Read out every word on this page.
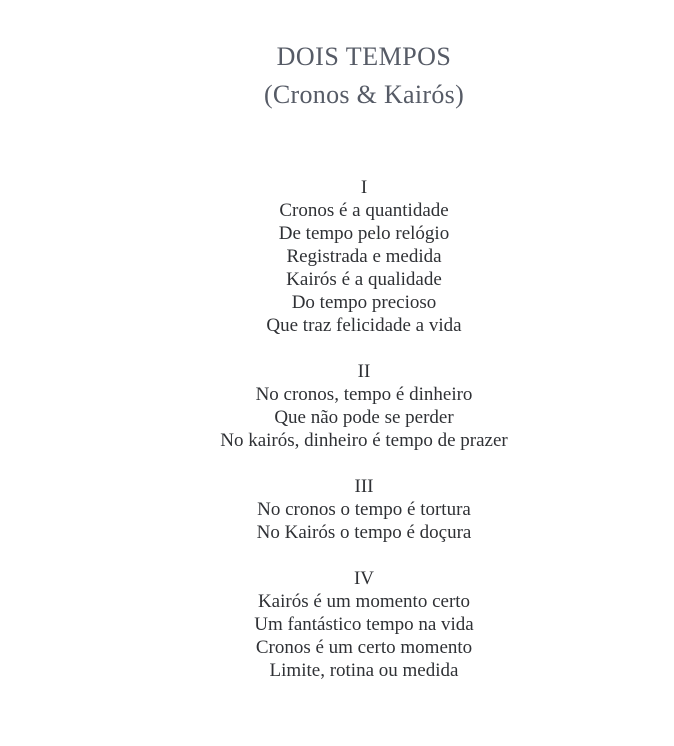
DOIS TEMPOS
(Cronos & Kairós)
I

Cronos é a quantidade

De tempo pelo relógio

Registrada e medida

Kairós é a qualidade

Do tempo precioso

Que traz felicidade a vida

II

No cronos, tempo é dinheiro

Que não pode se perder

No kairós, dinheiro é tempo de prazer

III

No cronos o tempo é tortura

No Kairós o tempo é doçura

IV

Kairós é um momento certo

Um fantástico tempo na vida

Cronos é um certo momento

Limite, rotina ou medida
